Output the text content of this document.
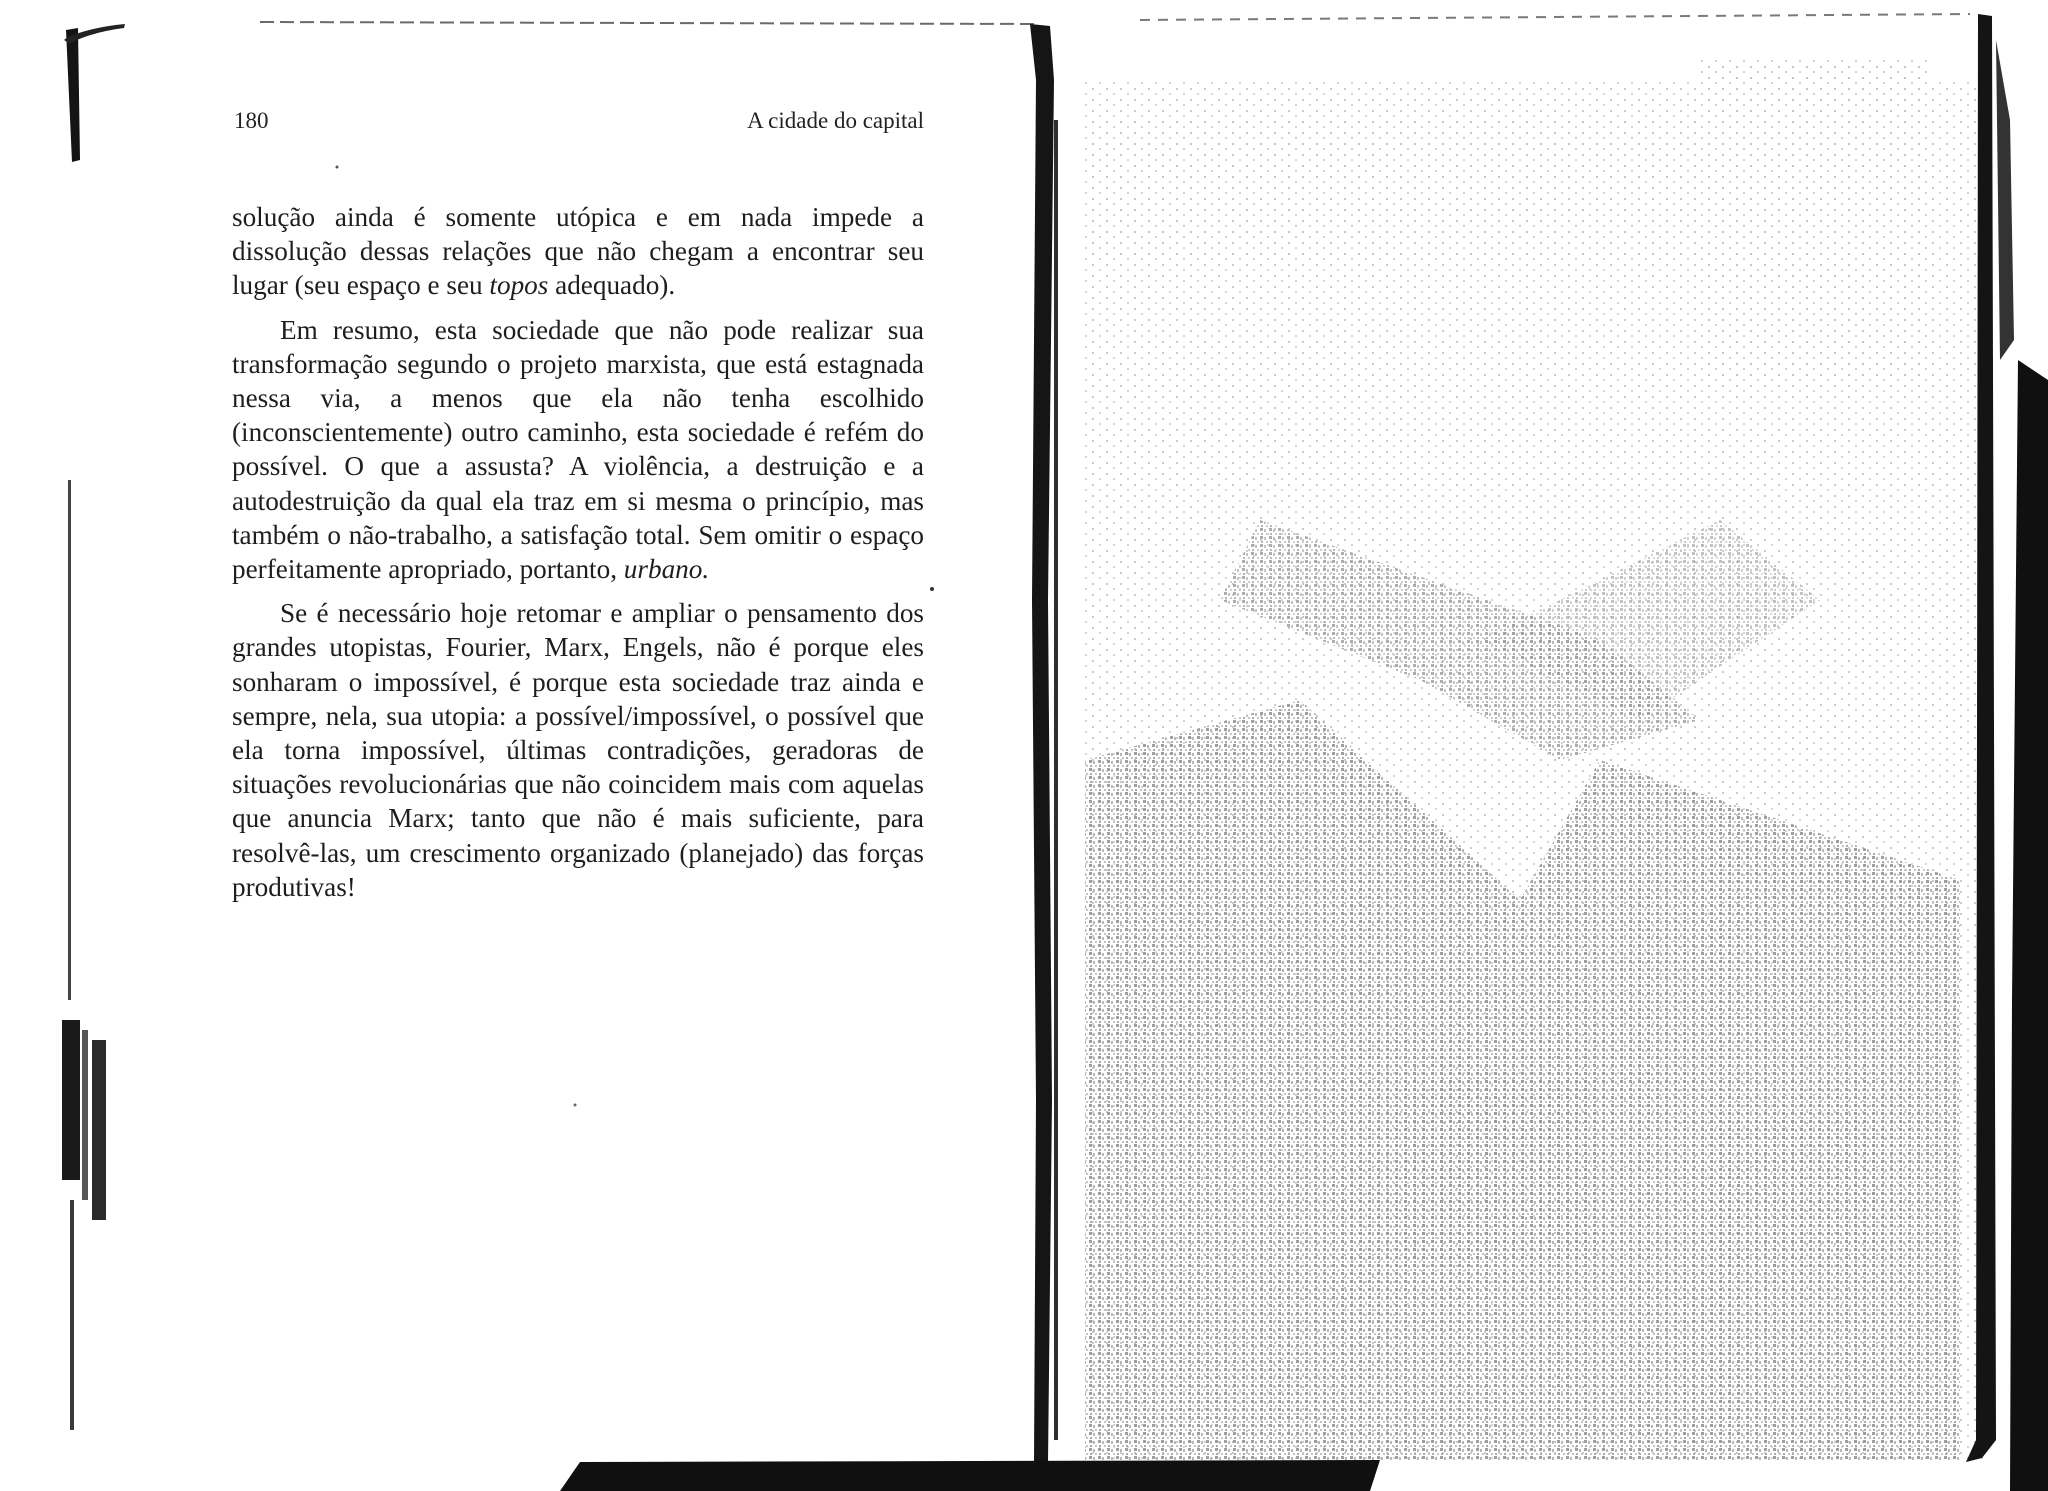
180	A cidade do capital

solução ainda é somente utópica e em nada impede a dissolução dessas relações que não chegam a encontrar seu lugar (seu espaço e seu topos adequado).

Em resumo, esta sociedade que não pode realizar sua transformação segundo o projeto marxista, que está estagnada nessa via, a menos que ela não tenha escolhido (inconscientemente) outro caminho, esta sociedade é refém do possível. O que a assusta? A violência, a destruição e a autodestruição da qual ela traz em si mesma o princípio, mas também o não-trabalho, a satisfação total. Sem omitir o espaço perfeitamente apropriado, portanto, urbano.

Se é necessário hoje retomar e ampliar o pensamento dos grandes utopistas, Fourier, Marx, Engels, não é porque eles sonharam o impossível, é porque esta sociedade traz ainda e sempre, nela, sua utopia: a possível/impossível, o possível que ela torna impossível, últimas contradições, geradoras de situações revolucionárias que não coincidem mais com aquelas que anuncia Marx; tanto que não é mais suficiente, para resolvê-las, um crescimento organizado (planejado) das forças produtivas!
